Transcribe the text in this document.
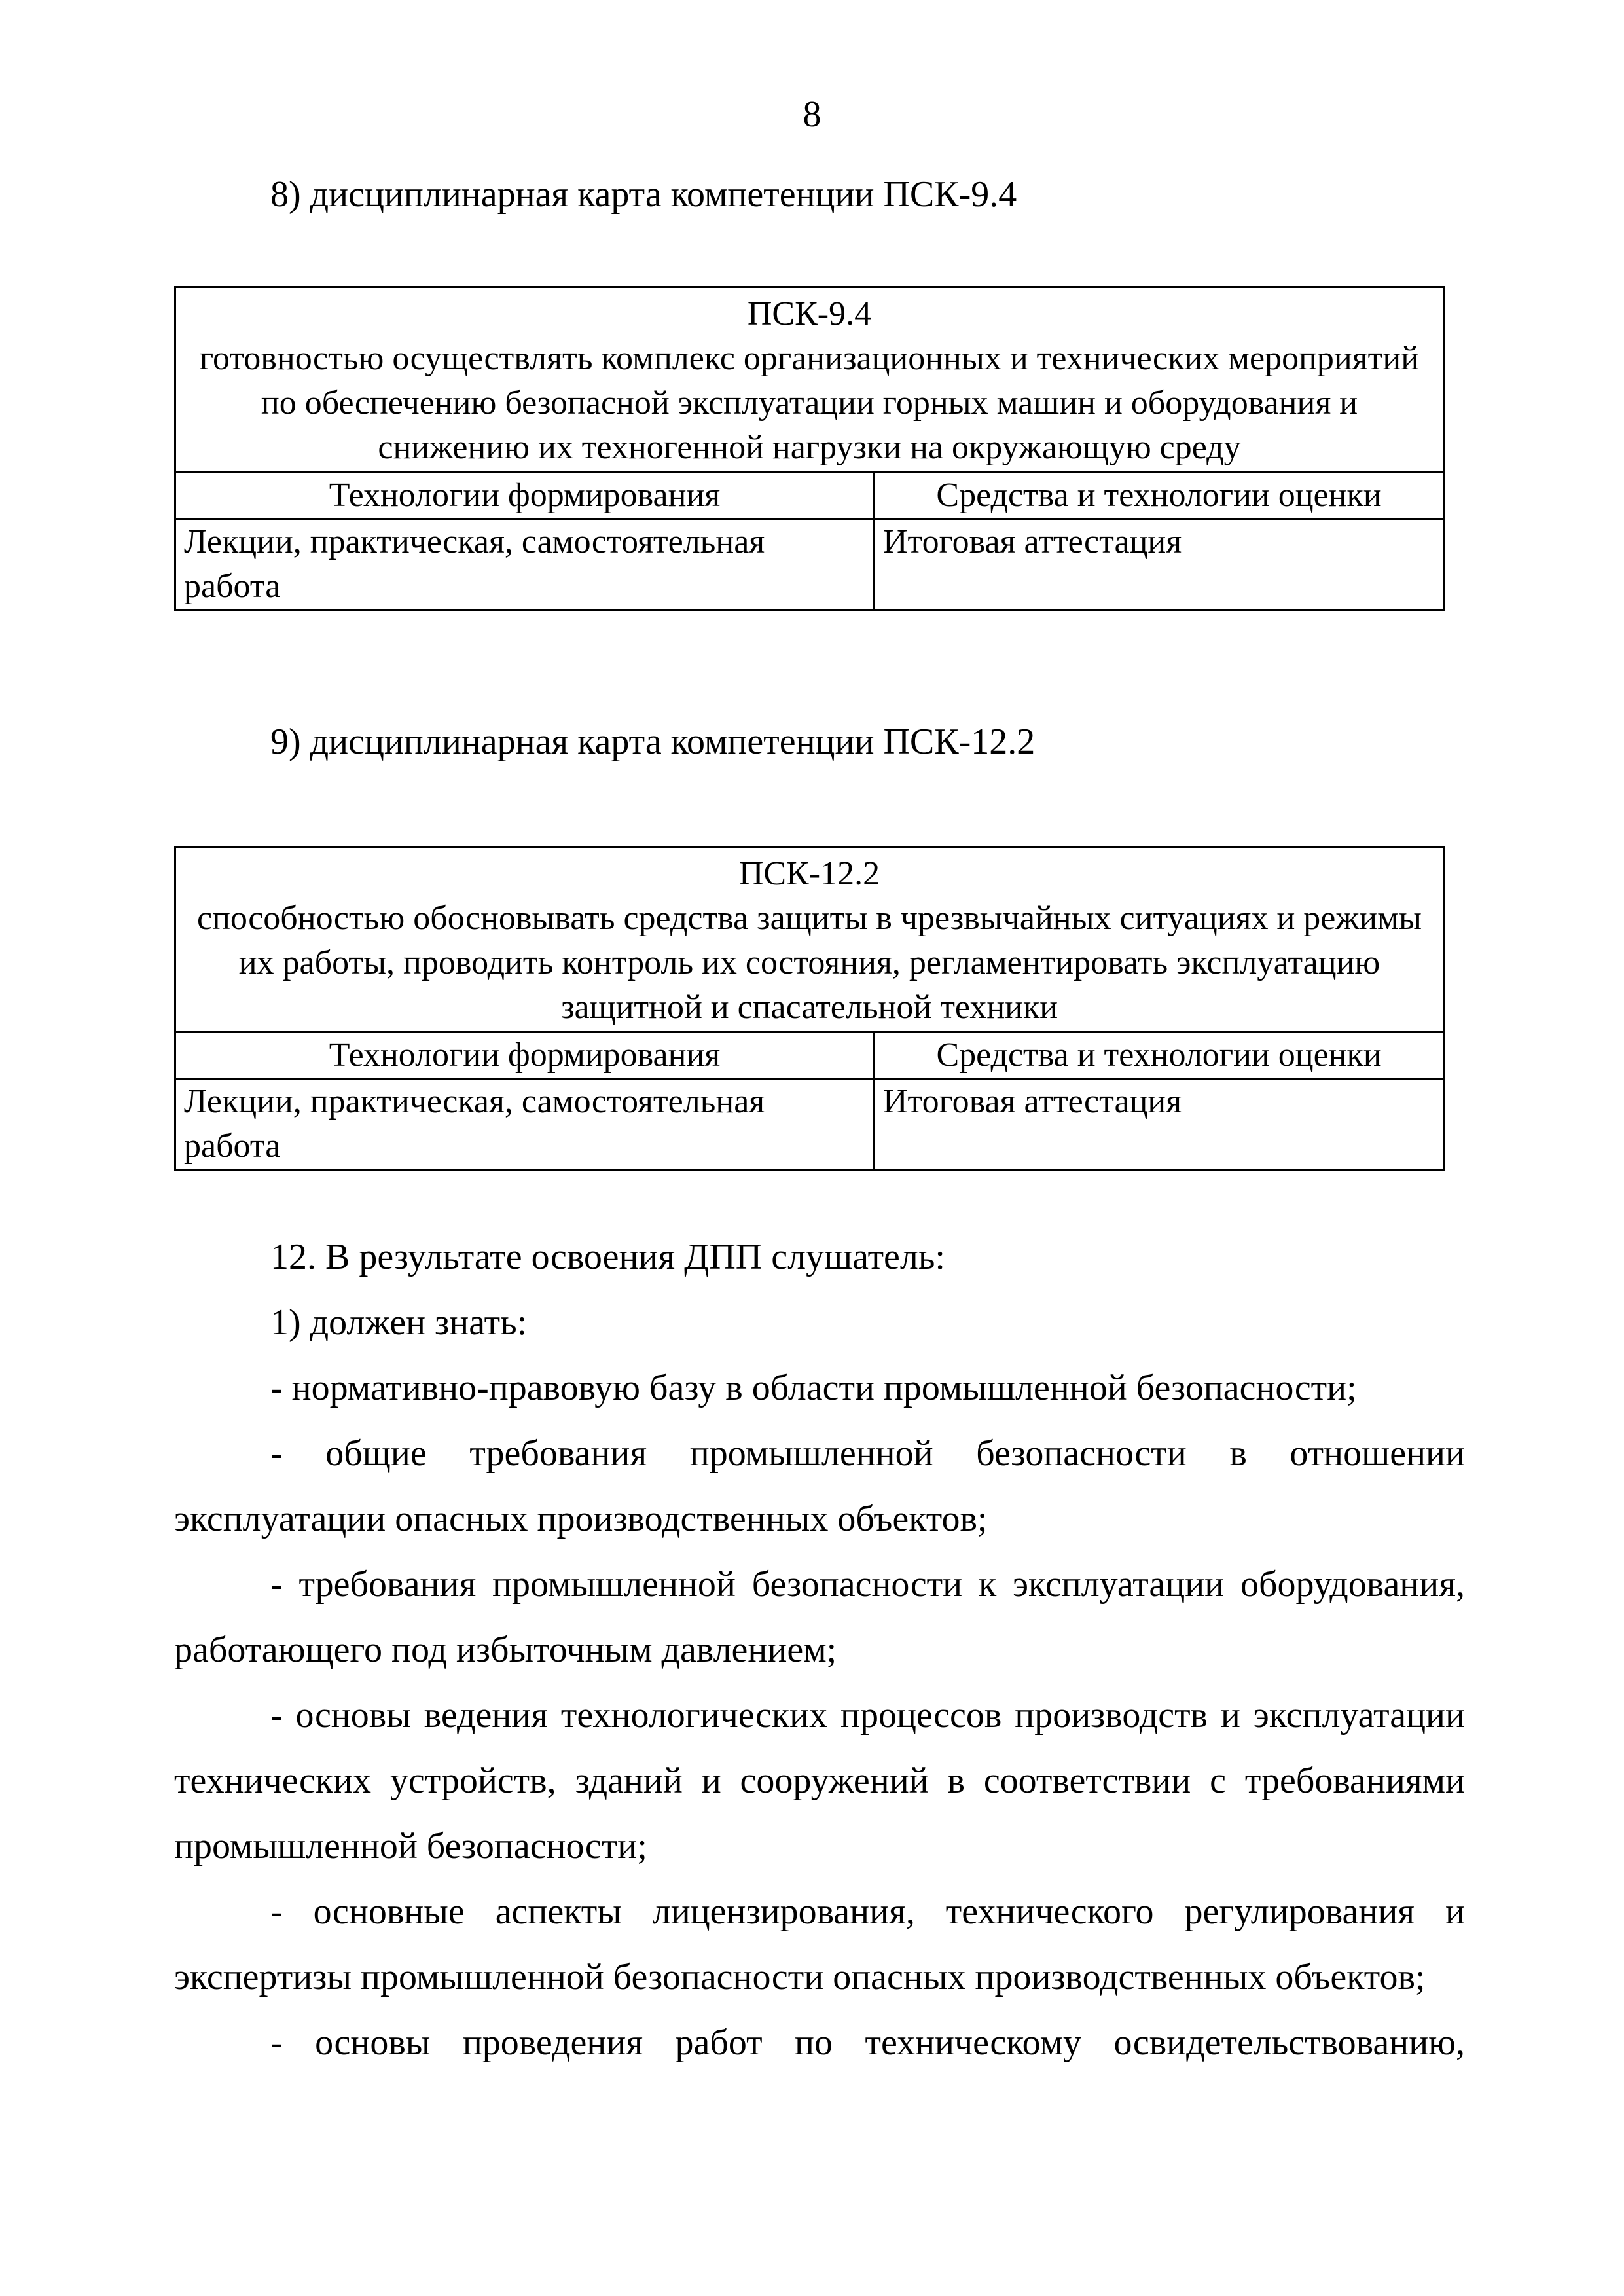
8
8) дисциплинарная карта компетенции ПСК-9.4
ПСК-9.4
готовностью осуществлять комплекс организационных и технических мероприятий по обеспечению безопасной эксплуатации горных машин и оборудования и снижению их техногенной нагрузки на окружающую среду	

Технологии формирования	Средства и технологии оценки
Лекции, практическая, самостоятельная работа	Итоговая аттестация
9) дисциплинарная карта компетенции ПСК-12.2
ПСК-12.2
способностью обосновывать средства защиты в чрезвычайных ситуациях и режимы их работы, проводить контроль их состояния, регламентировать эксплуатацию защитной и спасательной техники	

Технологии формирования	Средства и технологии оценки
Лекции, практическая, самостоятельная работа	Итоговая аттестация

12. В результате освоения ДПП слушатель:

1) должен знать:

- нормативно-правовую базу в области промышленной безопасности;

- общие требования промышленной безопасности в отношении эксплуатации опасных производственных объектов;

- требования промышленной безопасности к эксплуатации оборудования, работающего под избыточным давлением;

- основы ведения технологических процессов производств и эксплуатации технических устройств, зданий и сооружений в соответствии с требованиями промышленной безопасности;

- основные аспекты лицензирования, технического регулирования и экспертизы промышленной безопасности опасных производственных объектов;

- основы проведения работ по техническому освидетельствованию,
